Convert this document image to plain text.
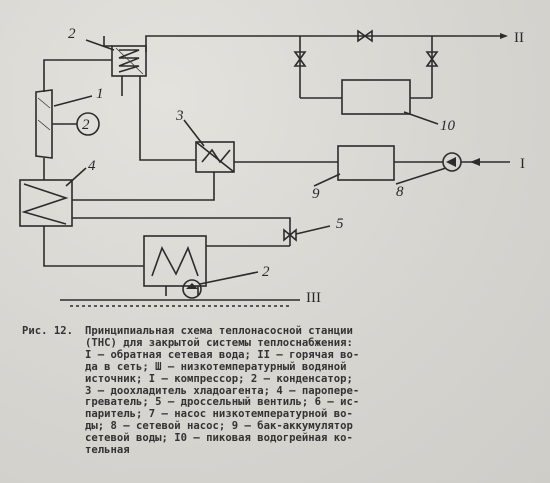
2
2
1
3
4
5
2
9	8
10
II
I
III
Рис. 12.	Принципиальная схема теплонасосной станции
(ТНС) для закрытой системы теплоснабжения:
I – обратная сетевая вода; II – горячая во-
да в сеть; Ш – низкотемпературный водяной
источник; I – компрессор; 2 – конденсатор;
3 – доохладитель хладоагента; 4 – паропере-
греватель; 5 – дроссельный вентиль; 6 – ис-
паритель; 7 – насос низкотемпературной во-
ды; 8 – сетевой насос; 9 – бак-аккумулятор
сетевой воды; I0 – пиковая водогрейная ко-
тельная
